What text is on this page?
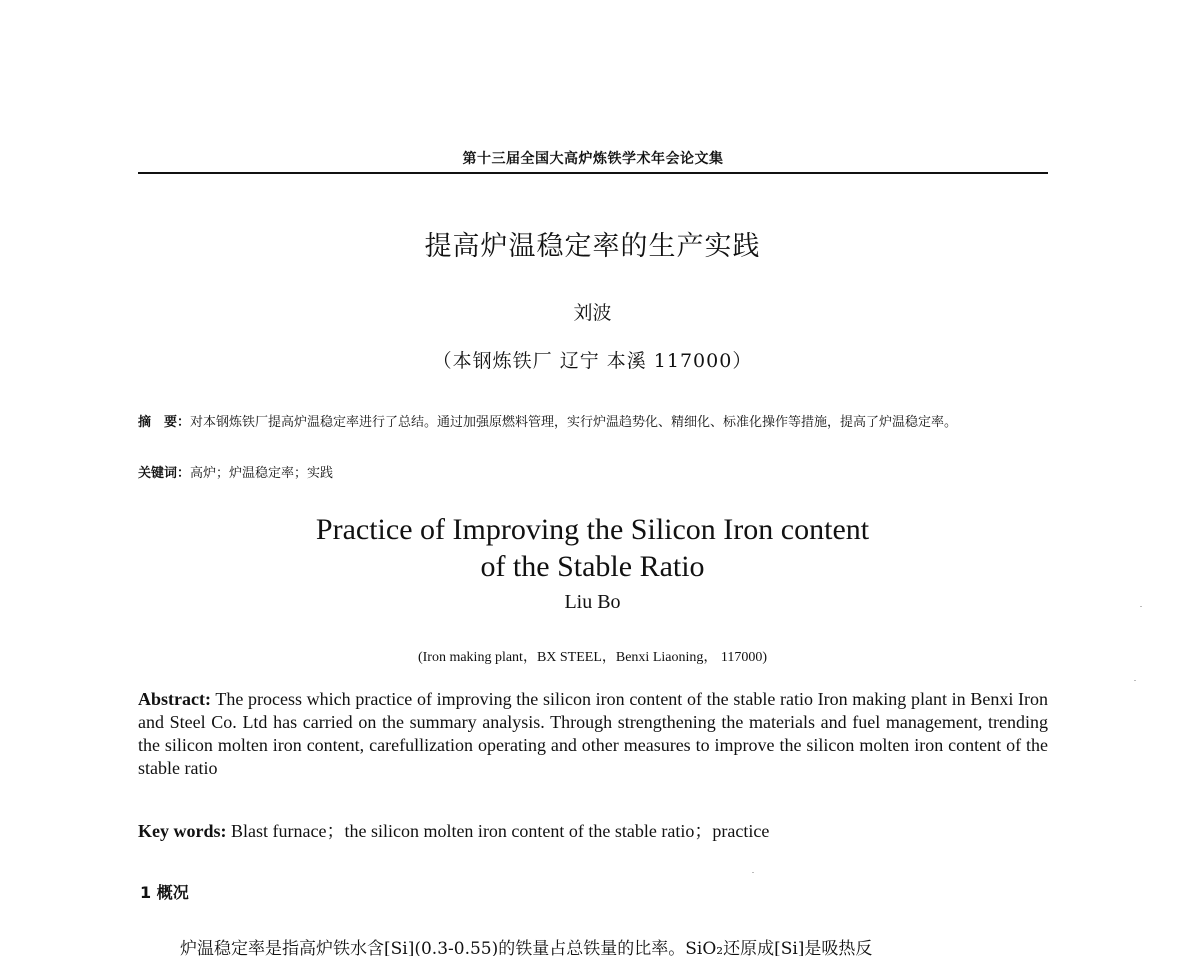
第十三届全国大高炉炼铁学术年会论文集
提高炉温稳定率的生产实践
刘波
（本钢炼铁厂 辽宁 本溪 117000）
摘　要：对本钢炼铁厂提高炉温稳定率进行了总结。通过加强原燃料管理，实行炉温趋势化、精细化、标准化操作等措施，提高了炉温稳定率。
关键词：高炉；炉温稳定率；实践
Practice of Improving the Silicon Iron content
of the Stable Ratio
Liu Bo
(Iron making plant，BX STEEL，Benxi Liaoning， 117000)
Abstract: The process which practice of improving the silicon iron content of the stable ratio Iron making plant in Benxi Iron and Steel Co. Ltd has carried on the summary analysis. Through strengthening the materials and fuel management, trending the silicon molten iron content, carefullization operating and other measures to improve the silicon molten iron content of the stable ratio
Key words: Blast furnace；the silicon molten iron content of the stable ratio；practice
1 概况
炉温稳定率是指高炉铁水含[Si](0.3-0.55)的铁量占总铁量的比率。SiO₂还原成[Si]是吸热反
